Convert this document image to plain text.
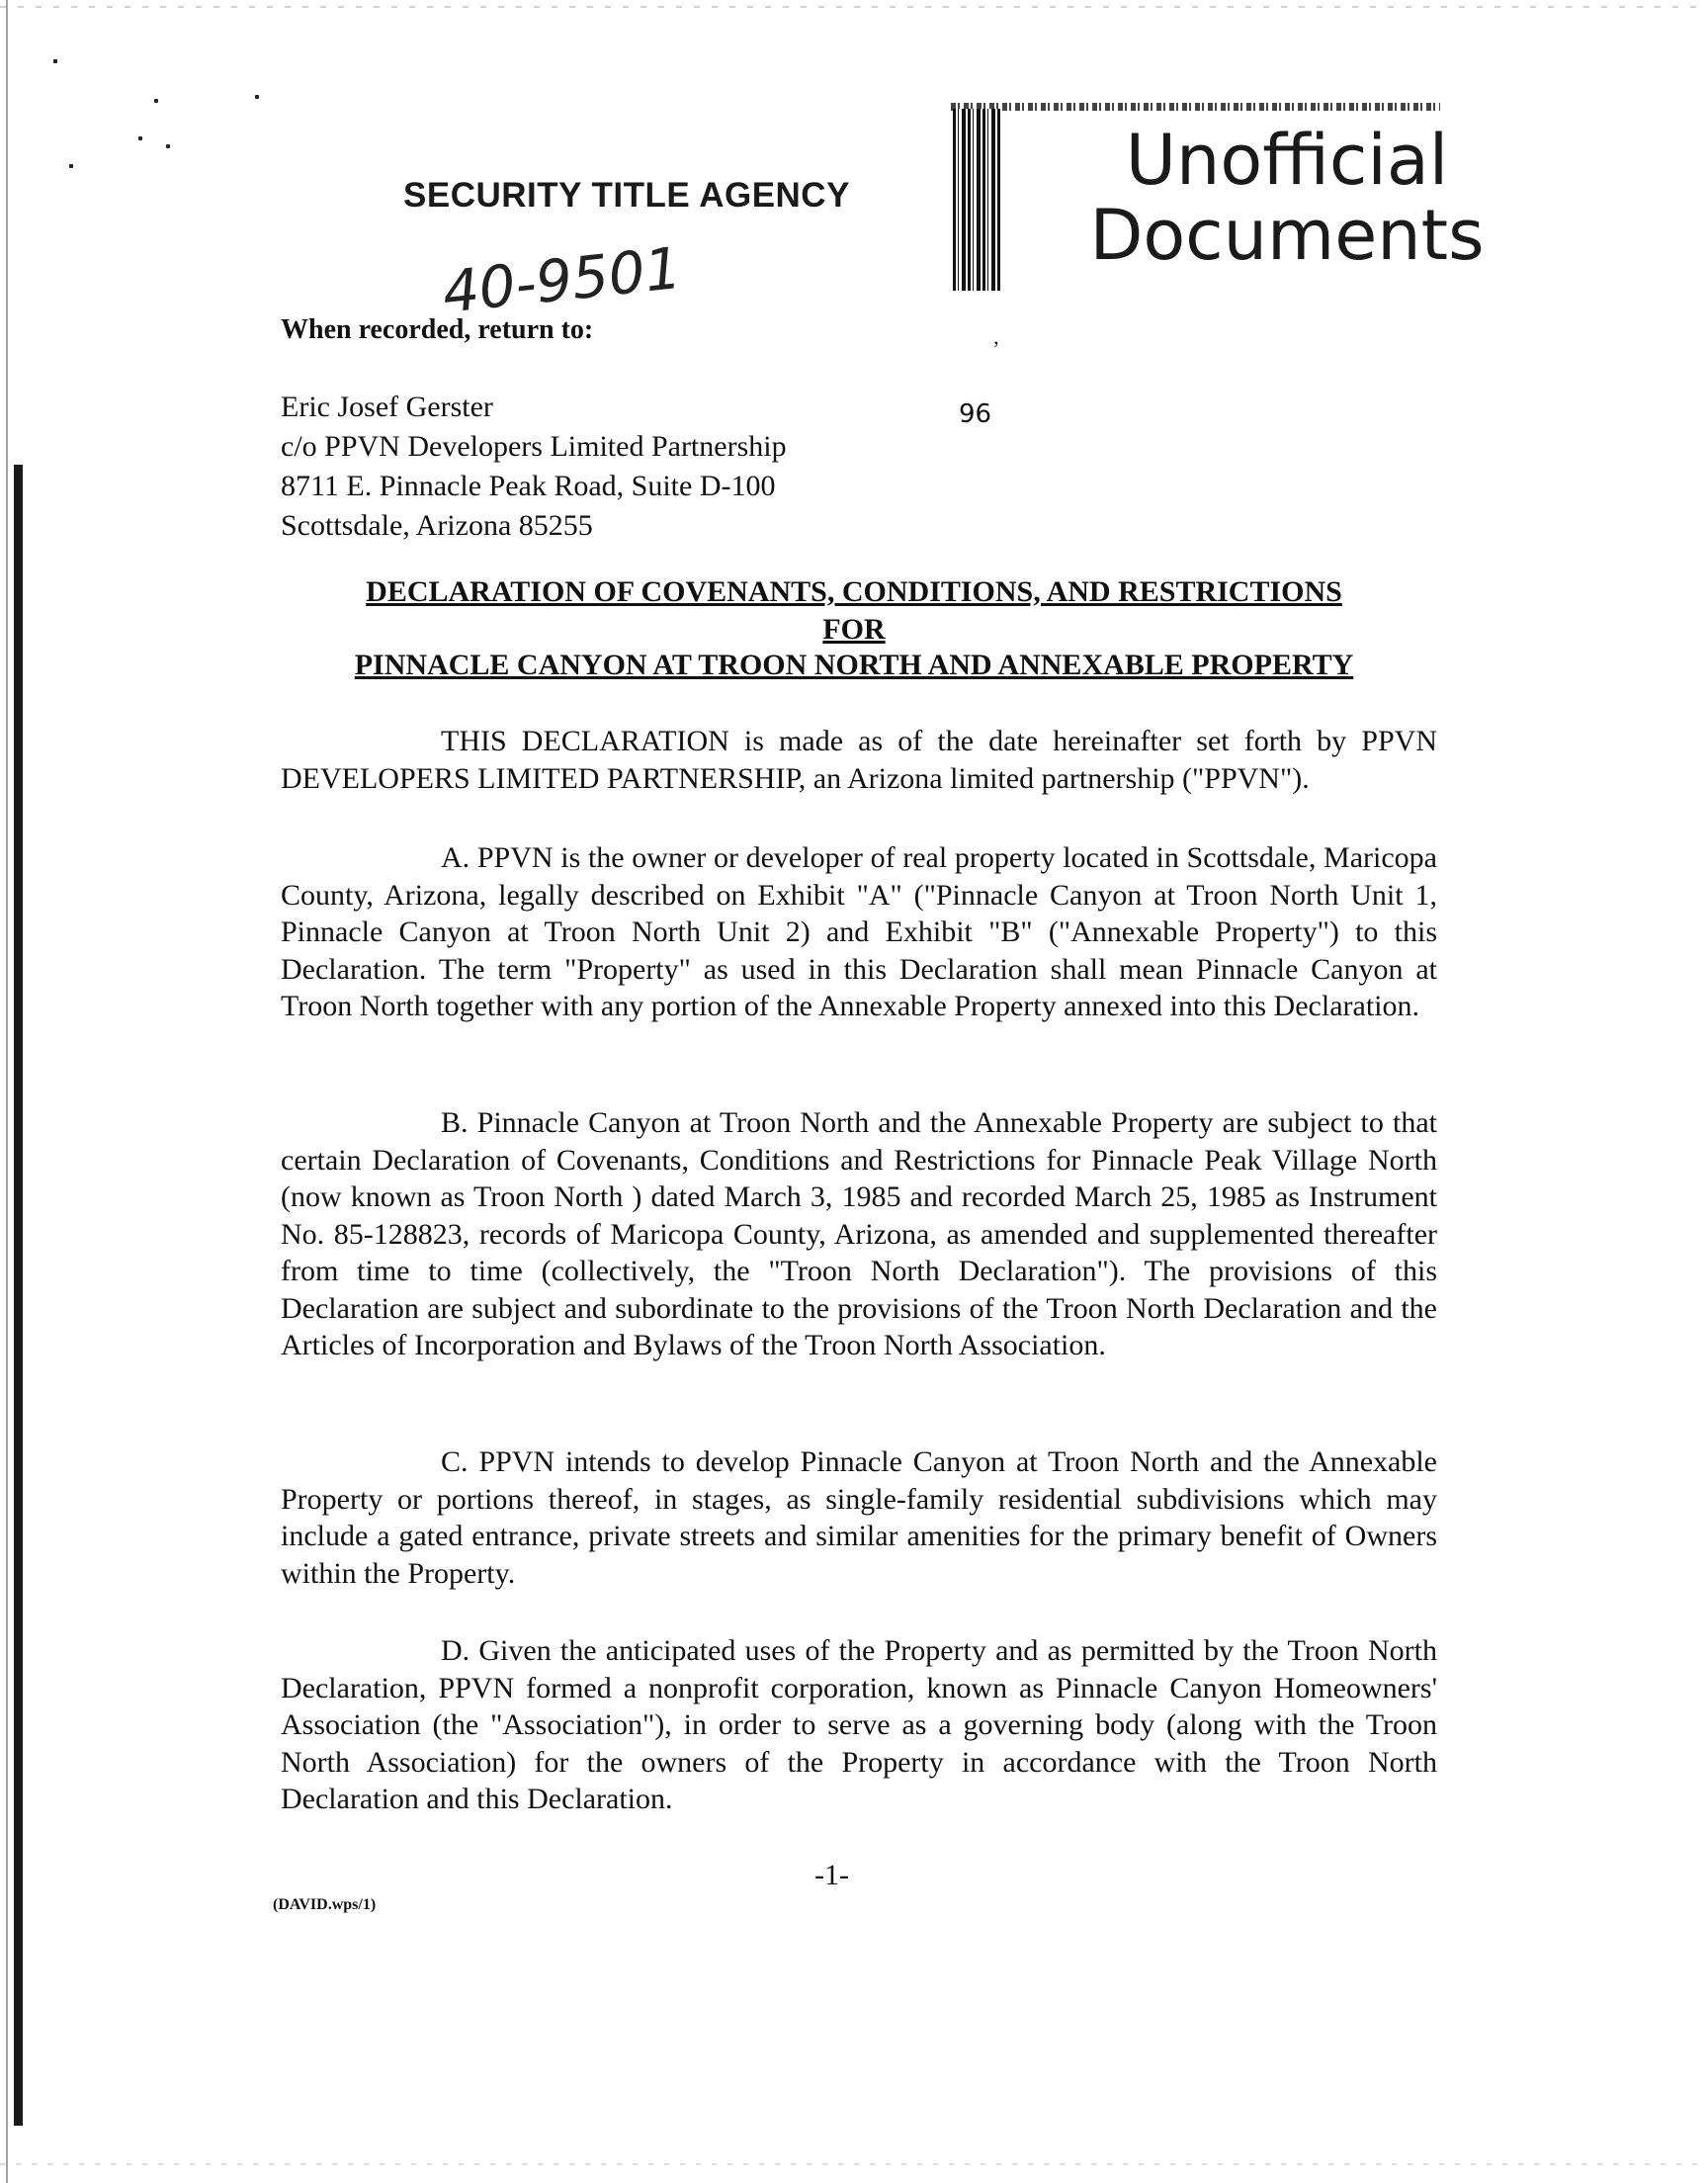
SECURITY TITLE AGENCY
40-9501
When recorded, return to:
’
Unofficial
Documents
96
Eric Josef Gerster
c/o PPVN Developers Limited Partnership
8711 E. Pinnacle Peak Road, Suite D-100
Scottsdale, Arizona 85255
DECLARATION OF COVENANTS, CONDITIONS, AND RESTRICTIONS
FOR
PINNACLE CANYON AT TROON NORTH AND ANNEXABLE PROPERTY
THIS DECLARATION is made as of the date hereinafter set forth by PPVN DEVELOPERS LIMITED PARTNERSHIP, an Arizona limited partnership ("PPVN").
A. PPVN is the owner or developer of real property located in Scottsdale, Maricopa County, Arizona, legally described on Exhibit "A" ("Pinnacle Canyon at Troon North Unit 1, Pinnacle Canyon at Troon North Unit 2) and Exhibit "B" ("Annexable Property") to this Declaration. The term "Property" as used in this Declaration shall mean Pinnacle Canyon at Troon North together with any portion of the Annexable Property annexed into this Declaration.
B. Pinnacle Canyon at Troon North and the Annexable Property are subject to that certain Declaration of Covenants, Conditions and Restrictions for Pinnacle Peak Village North (now known as Troon North ) dated March 3, 1985 and recorded March 25, 1985 as Instrument No. 85-128823, records of Maricopa County, Arizona, as amended and supplemented thereafter from time to time (collectively, the "Troon North Declaration"). The provisions of this Declaration are subject and subordinate to the provisions of the Troon North Declaration and the Articles of Incorporation and Bylaws of the Troon North Association.
C. PPVN intends to develop Pinnacle Canyon at Troon North and the Annexable Property or portions thereof, in stages, as single-family residential subdivisions which may include a gated entrance, private streets and similar amenities for the primary benefit of Owners within the Property.
D. Given the anticipated uses of the Property and as permitted by the Troon North Declaration, PPVN formed a nonprofit corporation, known as Pinnacle Canyon Homeowners' Association (the "Association"), in order to serve as a governing body (along with the Troon North Association) for the owners of the Property in accordance with the Troon North Declaration and this Declaration.
-1-
(DAVID.wps/1)
